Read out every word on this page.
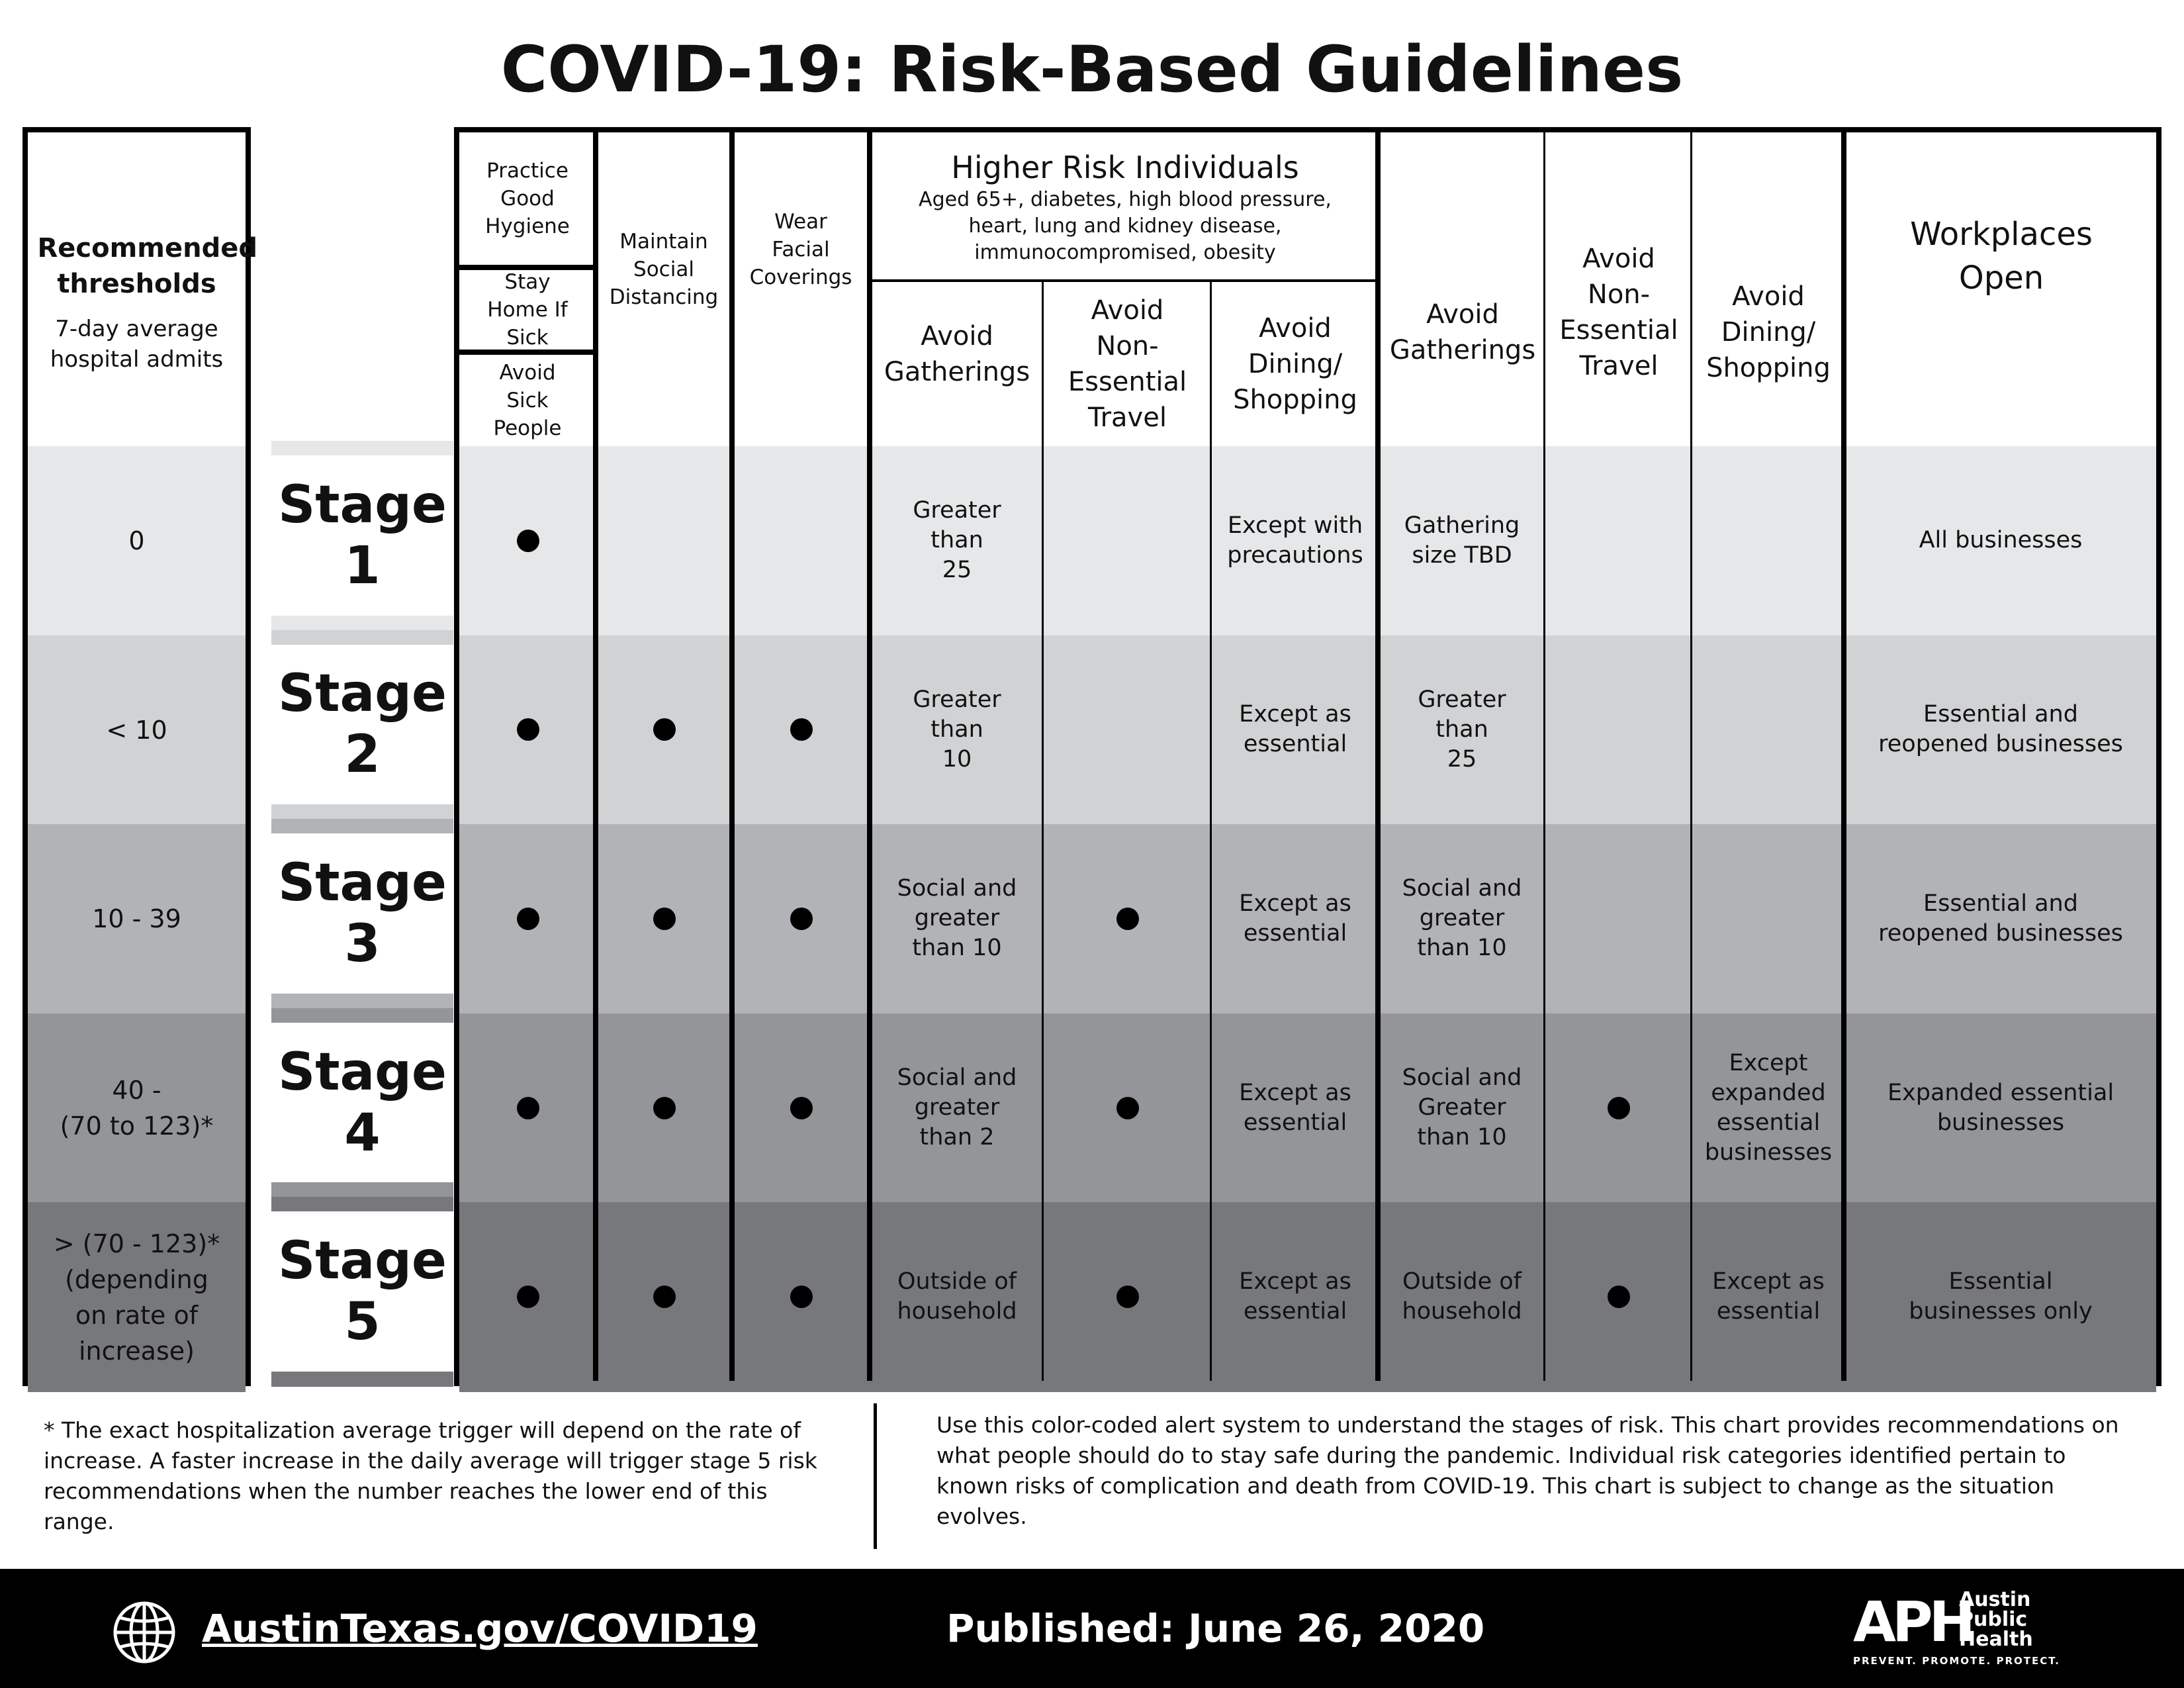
COVID-19: Risk-Based Guidelines
Recommended thresholds
7-day average hospital admits
0
< 10
10 - 39
40 -
(70 to 123)*
> (70 - 123)*
(depending
on rate of
increase)
Stage
1
Stage
2
Stage
3
Stage
4
Stage
5
Practice Good Hygiene
Stay Home If Sick
Avoid Sick People
Maintain Social Distancing
Wear Facial Coverings
Higher Risk Individuals
Aged 65+, diabetes, high blood pressure, heart, lung and kidney disease, immunocompromised, obesity
Avoid Gatherings
Avoid Non-Essential Travel
Avoid Dining/ Shopping
Avoid Gatherings
Avoid Non-Essential Travel
Avoid Dining/ Shopping
Workplaces Open
Greater
than
25
Except with
precautions
Gathering
size TBD
All businesses
Greater
than
10
Except as
essential
Greater
than
25
Essential and
reopened businesses
Social and
greater
than 10
Except as
essential
Social and
greater
than 10
Essential and
reopened businesses
Social and
greater
than 2
Except as
essential
Social and
Greater
than 10
Except
expanded
essential
businesses
Expanded essential
businesses
Outside of
household
Except as
essential
Outside of
household
Except as
essential
Essential
businesses only
* The exact hospitalization average trigger will depend on the rate of increase. A faster increase in the daily average will trigger stage 5 risk recommendations when the number reaches the lower end of this range.
Use this color-coded alert system to understand the stages of risk. This chart provides recommendations on what people should do to stay safe during the pandemic. Individual risk categories identified pertain to known risks of complication and death from COVID-19. This chart is subject to change as the situation evolves.
AustinTexas.gov/COVID19	Published: June 26, 2020	APH
Austin
Public
Health
PREVENT. PROMOTE. PROTECT.
